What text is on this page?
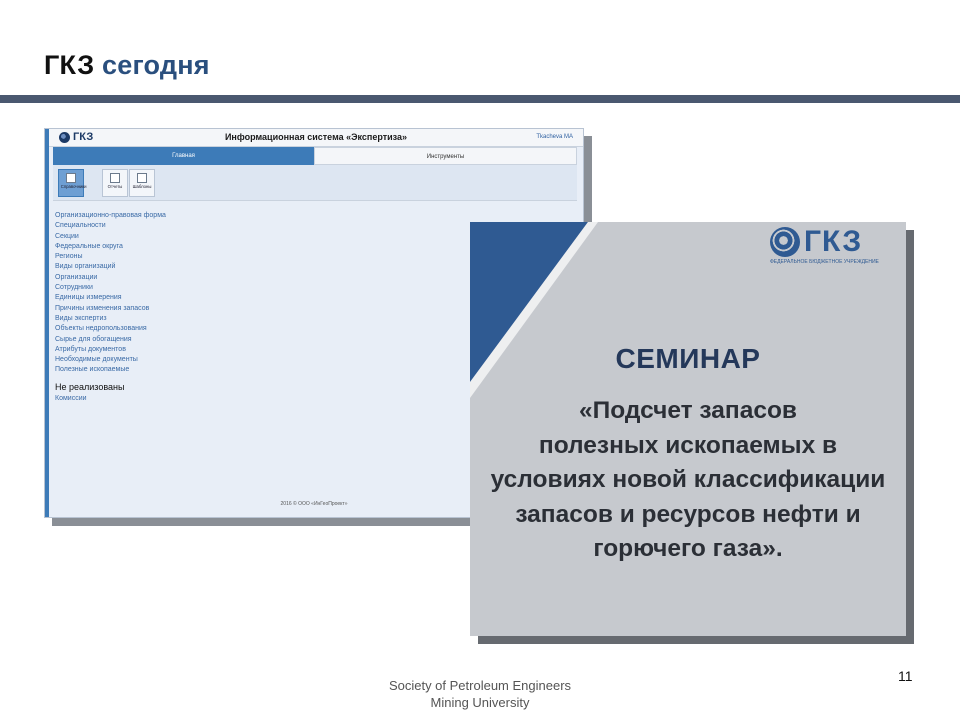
ГКЗ сегодня
ГКЗ	Информационная система «Экспертиза»	Тkaсhevа МА
Главная	Инструменты
Справочники	Отчеты	Шаблоны
Организационно-правовая форма
Специальности
Секции
Федеральные округа
Регионы
Виды организаций
Организации
Сотрудники
Единицы измерения
Причины изменения запасов
Виды экспертиз
Объекты недропользования
Сырье для обогащения
Атрибуты документов
Необходимые документы
Полезные ископаемые
Не реализованы
Комиссии
2016 © ООО «ИнГеоПроект»
ГКЗ
ФЕДЕРАЛЬНОЕ БЮДЖЕТНОЕ УЧРЕЖДЕНИЕ
СЕМИНАР
«Подсчет запасов
полезных ископаемых в
условиях новой классификации
запасов и ресурсов нефти и
горючего газа».
11
Society of Petroleum Engineers
Mining University
